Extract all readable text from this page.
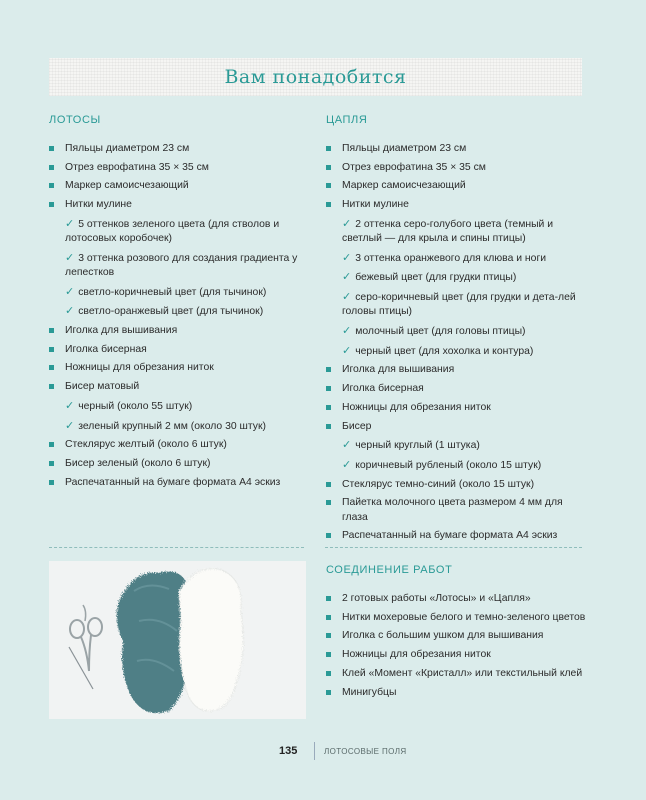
Вам понадобится
ЛОТОСЫ
Пяльцы диаметром 23 см
Отрез еврофатина 35 × 35 см
Маркер самоисчезающий
Нитки мулине
✓ 5 оттенков зеленого цвета (для стволов и лотосовых коробочек)
✓ 3 оттенка розового для создания градиента у лепестков
✓ светло-коричневый цвет (для тычинок)
✓ светло-оранжевый цвет (для тычинок)
Иголка для вышивания
Иголка бисерная
Ножницы для обрезания ниток
Бисер матовый
✓ черный (около 55 штук)
✓ зеленый крупный 2 мм (около 30 штук)
Стеклярус желтый (около 6 штук)
Бисер зеленый (около 6 штук)
Распечатанный на бумаге формата А4 эскиз
ЦАПЛЯ
Пяльцы диаметром 23 см
Отрез еврофатина 35 × 35 см
Маркер самоисчезающий
Нитки мулине
✓ 2 оттенка серо-голубого цвета (темный и светлый — для крыла и спины птицы)
✓ 3 оттенка оранжевого для клюва и ноги
✓ бежевый цвет (для грудки птицы)
✓ серо-коричневый цвет (для грудки и дета-лей головы птицы)
✓ молочный цвет (для головы птицы)
✓ черный цвет (для хохолка и контура)
Иголка для вышивания
Иголка бисерная
Ножницы для обрезания ниток
Бисер
✓ черный круглый (1 штука)
✓ коричневый рубленый (около 15 штук)
Стеклярус темно-синий (около 15 штук)
Пайетка молочного цвета размером 4 мм для глаза
Распечатанный на бумаге формата А4 эскиз
СОЕДИНЕНИЕ РАБОТ
2 готовых работы «Лотосы» и «Цапля»
Нитки мохеровые белого и темно-зеленого цветов
Иголка с большим ушком для вышивания
Ножницы для обрезания ниток
Клей «Момент «Кристалл» или текстильный клей
Минигубцы
135	ЛОТОСОВЫЕ ПОЛЯ
